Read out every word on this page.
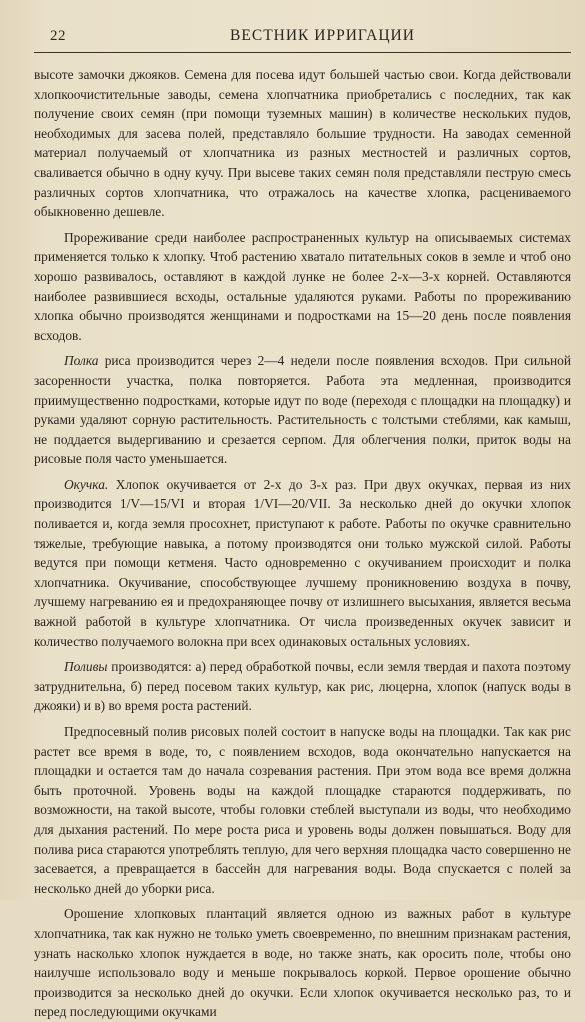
22	ВЕСТНИК ИРРИГАЦИИ

высоте замочки джояков. Семена для посева идут большей частью свои. Когда действовали хлопкоочистительные заводы, семена хлопчатника приобретались с последних, так как получение своих семян (при помощи туземных машин) в количестве нескольких пудов, необходимых для засева полей, представляло большие трудности. На заводах семенной материал получаемый от хлопчатника из разных местностей и различных сортов, сваливается обычно в одну кучу. При высеве таких семян поля представляли пеструю смесь различных сортов хлопчатника, что отражалось на качестве хлопка, расцениваемого обыкновенно дешевле.

Прореживание среди наиболее распространенных культур на описываемых системах применяется только к хлопку. Чтоб растению хватало питательных соков в земле и чтоб оно хорошо развивалось, оставляют в каждой лунке не более 2-х—3-х корней. Оставляются наиболее развившиеся всходы, остальные удаляются руками. Работы по прореживанию хлопка обычно производятся женщинами и подростками на 15—20 день после появления всходов.

Полка риса производится через 2—4 недели после появления всходов. При сильной засоренности участка, полка повторяется. Работа эта медленная, производится приимущественно подростками, которые идут по воде (переходя с площадки на площадку) и руками удаляют сорную растительность. Растительность с толстыми стеблями, как камыш, не поддается выдергиванию и срезается серпом. Для облегчения полки, приток воды на рисовые поля часто уменьшается.

Окучка. Хлопок окучивается от 2-х до 3-х раз. При двух окучках, первая из них производится 1/V—15/VI и вторая 1/VI—20/VII. За несколько дней до окучки хлопок поливается и, когда земля просохнет, приступают к работе. Работы по окучке сравнительно тяжелые, требующие навыка, а потому производятся они только мужской силой. Работы ведутся при помощи кетменя. Часто одновременно с окучиванием происходит и полка хлопчатника. Окучивание, способствующее лучшему проникновению воздуха в почву, лучшему нагреванию ея и предохраняющее почву от излишнего высыхания, является весьма важной работой в культуре хлопчатника. От числа произведенных окучек зависит и количество получаемого волокна при всех одинаковых остальных условиях.

Поливы производятся: а) перед обработкой почвы, если земля твердая и пахота поэтому затруднительна, б) перед посевом таких культур, как рис, люцерна, хлопок (напуск воды в джояки) и в) во время роста растений.

Предпосевный полив рисовых полей состоит в напуске воды на площадки. Так как рис растет все время в воде, то, с появлением всходов, вода окончательно напускается на площадки и остается там до начала созревания растения. При этом вода все время должна быть проточной. Уровень воды на каждой площадке стараются поддерживать, по возможности, на такой высоте, чтобы головки стеблей выступали из воды, что необходимо для дыхания растений. По мере роста риса и уровень воды должен повышаться. Воду для полива риса стараются употреблять теплую, для чего верхняя площадка часто совершенно не засевается, а превращается в бассейн для нагревания воды. Вода спускается с полей за несколько дней до уборки риса.

Орошение хлопковых плантаций является одною из важных работ в культуре хлопчатника, так как нужно не только уметь своевременно, по внешним признакам растения, узнать насколько хлопок нуждается в воде, но также знать, как оросить поле, чтобы оно наилучше использовало воду и меньше покрывалось коркой. Первое орошение обычно производится за несколько дней до окучки. Если хлопок окучивается несколько раз, то и перед последующими окучками
